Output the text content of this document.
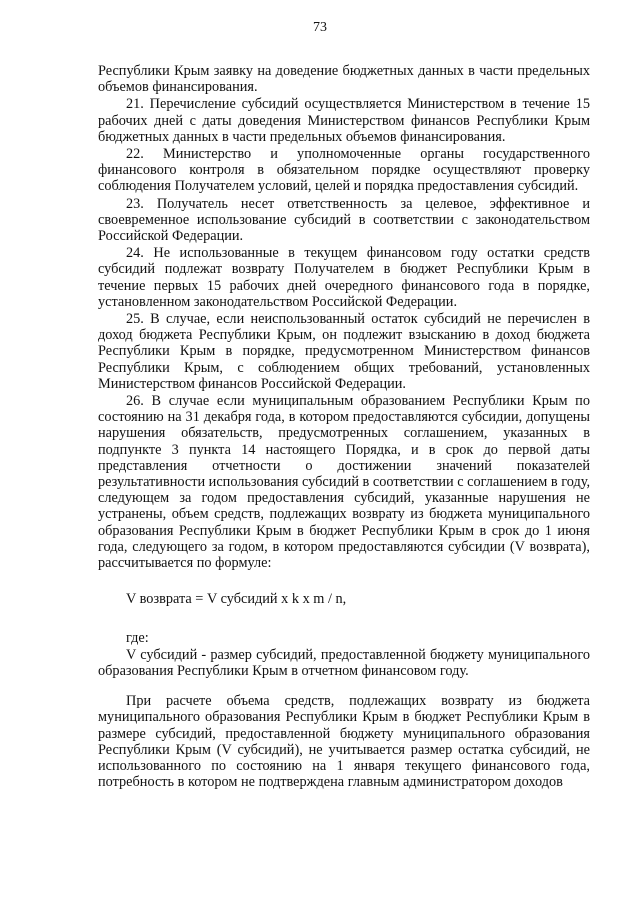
73

Республики Крым заявку на доведение бюджетных данных в части предельных объемов финансирования.

21. Перечисление субсидий осуществляется Министерством в течение 15 рабочих дней с даты доведения Министерством финансов Республики Крым бюджетных данных в части предельных объемов финансирования.

22. Министерство и уполномоченные органы государственного финансового контроля в обязательном порядке осуществляют проверку соблюдения Получателем условий, целей и порядка предоставления субсидий.

23. Получатель несет ответственность за целевое, эффективное и своевременное использование субсидий в соответствии с законодательством Российской Федерации.

24. Не использованные в текущем финансовом году остатки средств субсидий подлежат возврату Получателем в бюджет Республики Крым в течение первых 15 рабочих дней очередного финансового года в порядке, установленном законодательством Российской Федерации.

25. В случае, если неиспользованный остаток субсидий не перечислен в доход бюджета Республики Крым, он подлежит взысканию в доход бюджета Республики Крым в порядке, предусмотренном Министерством финансов Республики Крым, с соблюдением общих требований, установленных Министерством финансов Российской Федерации.

26. В случае если муниципальным образованием Республики Крым по состоянию на 31 декабря года, в котором предоставляются субсидии, допущены нарушения обязательств, предусмотренных соглашением, указанных в подпункте 3 пункта 14 настоящего Порядка, и в срок до первой даты представления отчетности о достижении значений показателей результативности использования субсидий в соответствии с соглашением в году, следующем за годом предоставления субсидий, указанные нарушения не устранены, объем средств, подлежащих возврату из бюджета муниципального образования Республики Крым в бюджет Республики Крым в срок до 1 июня года, следующего за годом, в котором предоставляются субсидии (V возврата), рассчитывается по формуле:

V возврата = V субсидий x k x m / n,

где:

V субсидий - размер субсидий, предоставленной бюджету муниципального образования Республики Крым в отчетном финансовом году.

При расчете объема средств, подлежащих возврату из бюджета муниципального образования Республики Крым в бюджет Республики Крым в размере субсидий, предоставленной бюджету муниципального образования Республики Крым (V субсидий), не учитывается размер остатка субсидий, не использованного по состоянию на 1 января текущего финансового года, потребность в котором не подтверждена главным администратором доходов
